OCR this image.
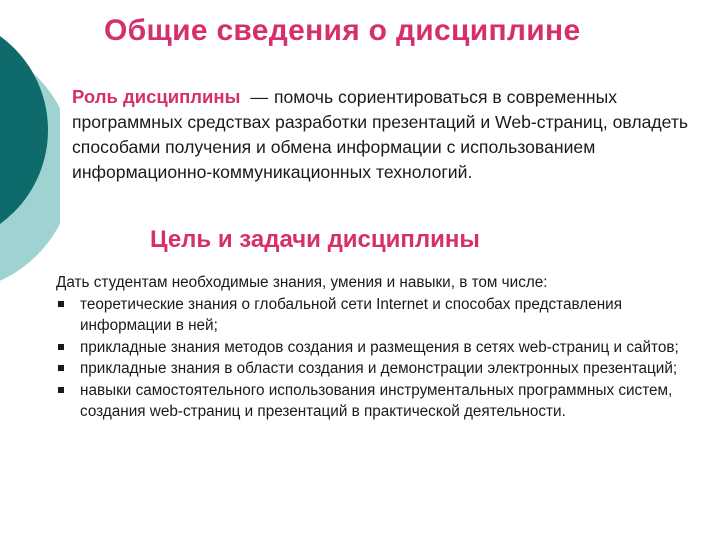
Общие сведения о дисциплине

Роль дисциплины — помочь сориентироваться в современных программных средствах разработки презентаций и Web-страниц, овладеть способами получения и обмена информации с использованием информационно-коммуникационных технологий.

Цель и задачи дисциплины

Дать студентам необходимые знания, умения и навыки, в том числе:

теоретические знания о глобальной сети Internet и способах представления информации в ней;
прикладные знания методов создания и размещения в сетях web-страниц и сайтов;
прикладные знания в области создания и демонстрации электронных презентаций;
навыки самостоятельного использования инструментальных программных систем, создания web-страниц и презентаций в практической деятельности.
